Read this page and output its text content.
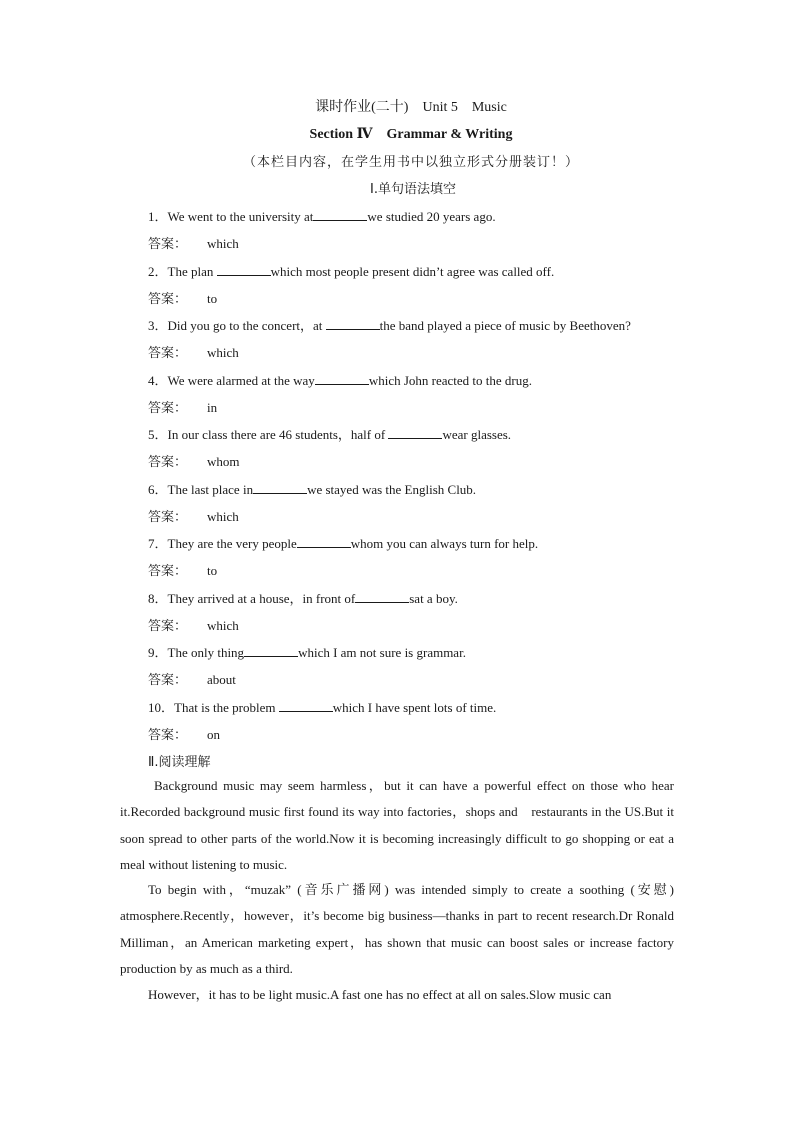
课时作业(二十)　Unit 5　Music
Section Ⅳ　Grammar & Writing
（本栏目内容，在学生用书中以独立形式分册装订！）
Ⅰ.单句语法填空
1．We went to the university at	we studied 20 years ago.
答案： which
2．The plan	which most people present didn’t agree was called off.
答案： to
3．Did you go to the concert，at	the band played a piece of music by Beethoven?
答案： which
4．We were alarmed at the way	which John reacted to the drug.
答案： in
5．In our class there are 46 students，half of	wear glasses.
答案： whom
6．The last place in	we stayed was the English Club.
答案： which
7．They are the very people	whom you can always turn for help.
答案： to
8．They arrived at a house，in front of	sat a boy.
答案： which
9．The only thing	which I am not sure is grammar.
答案： about
10．That is the problem	which I have spent lots of time.
答案： on
Ⅱ.阅读理解
Background music may seem harmless，but it can have a powerful effect on those who hear it.Recorded background music first found its way into factories，shops and　restaurants in the US.But it soon spread to other parts of the world.Now it is becoming increasingly difficult to go shopping or eat a meal without listening to music.
To begin with，“muzak” (音乐广播网) was intended simply to create a soothing (安慰) atmosphere.Recently，however，it’s become big business—thanks in part to recent research.Dr Ronald Milliman，an American marketing expert，has shown that music can boost sales or increase factory production by as much as a third.
However，it has to be light music.A fast one has no effect at all on sales.Slow music can
